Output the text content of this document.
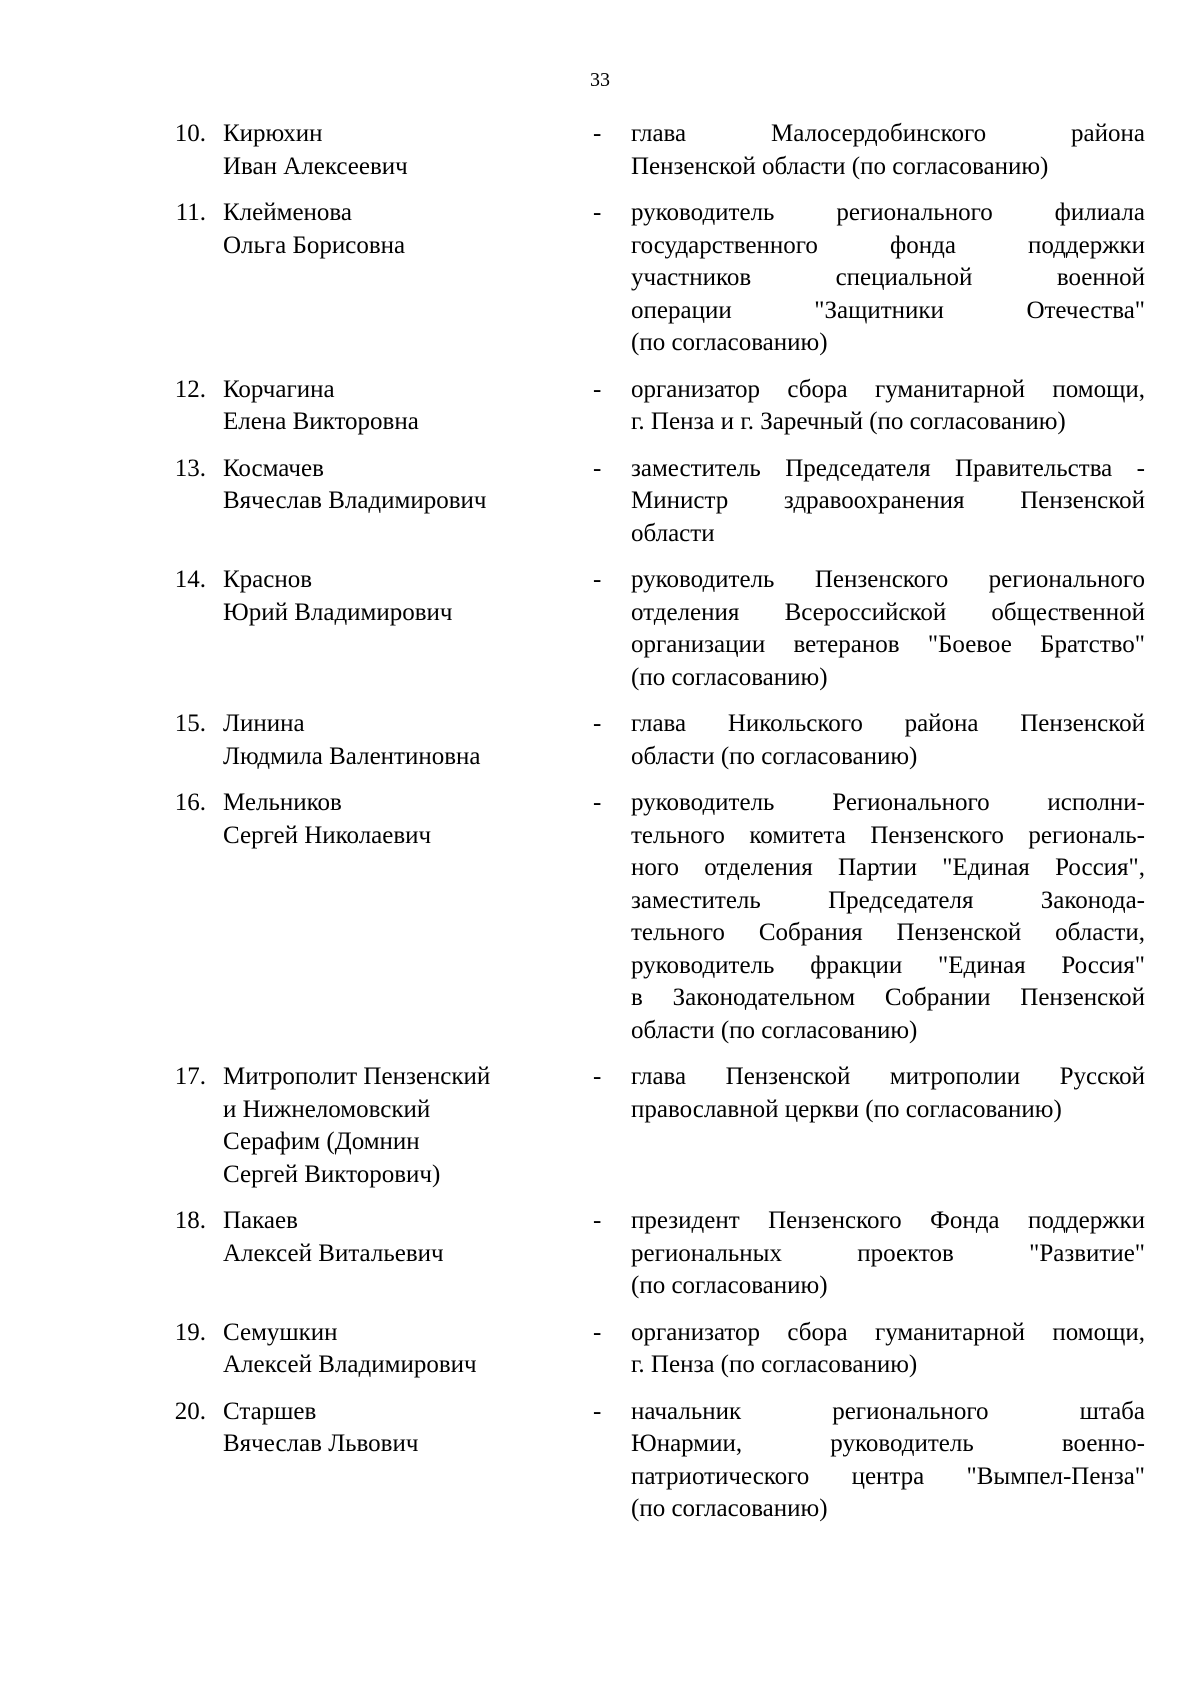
33
10. Кирюхин
Иван Алексеевич
- глава Малосердобинского района
Пензенской области (по согласованию)
11. Клейменова
Ольга Борисовна
- руководитель регионального филиала
государственного фонда поддержки
участников специальной военной
операции "Защитники Отечества"
(по согласованию)
12. Корчагина
Елена Викторовна
- организатор сбора гуманитарной помощи,
г. Пенза и г. Заречный (по согласованию)
13. Космачев
Вячеслав Владимирович
- заместитель Председателя Правительства -
Министр здравоохранения Пензенской
области
14. Краснов
Юрий Владимирович
- руководитель Пензенского регионального
отделения Всероссийской общественной
организации ветеранов "Боевое Братство"
(по согласованию)
15. Линина
Людмила Валентиновна
- глава Никольского района Пензенской
области (по согласованию)
16. Мельников
Сергей Николаевич
- руководитель Регионального исполни-
тельного комитета Пензенского региональ-
ного отделения Партии "Единая Россия",
заместитель Председателя Законода-
тельного Собрания Пензенской области,
руководитель фракции "Единая Россия"
в Законодательном Собрании Пензенской
области (по согласованию)
17. Митрополит Пензенский
и Нижнеломовский
Серафим (Домнин
Сергей Викторович)
- глава Пензенской митрополии Русской
православной церкви (по согласованию)
18. Пакаев
Алексей Витальевич
- президент Пензенского Фонда поддержки
региональных проектов "Развитие"
(по согласованию)
19. Семушкин
Алексей Владимирович
- организатор сбора гуманитарной помощи,
г. Пенза (по согласованию)
20. Старшев
Вячеслав Львович
- начальник регионального штаба
Юнармии, руководитель военно-
патриотического центра "Вымпел-Пенза"
(по согласованию)
